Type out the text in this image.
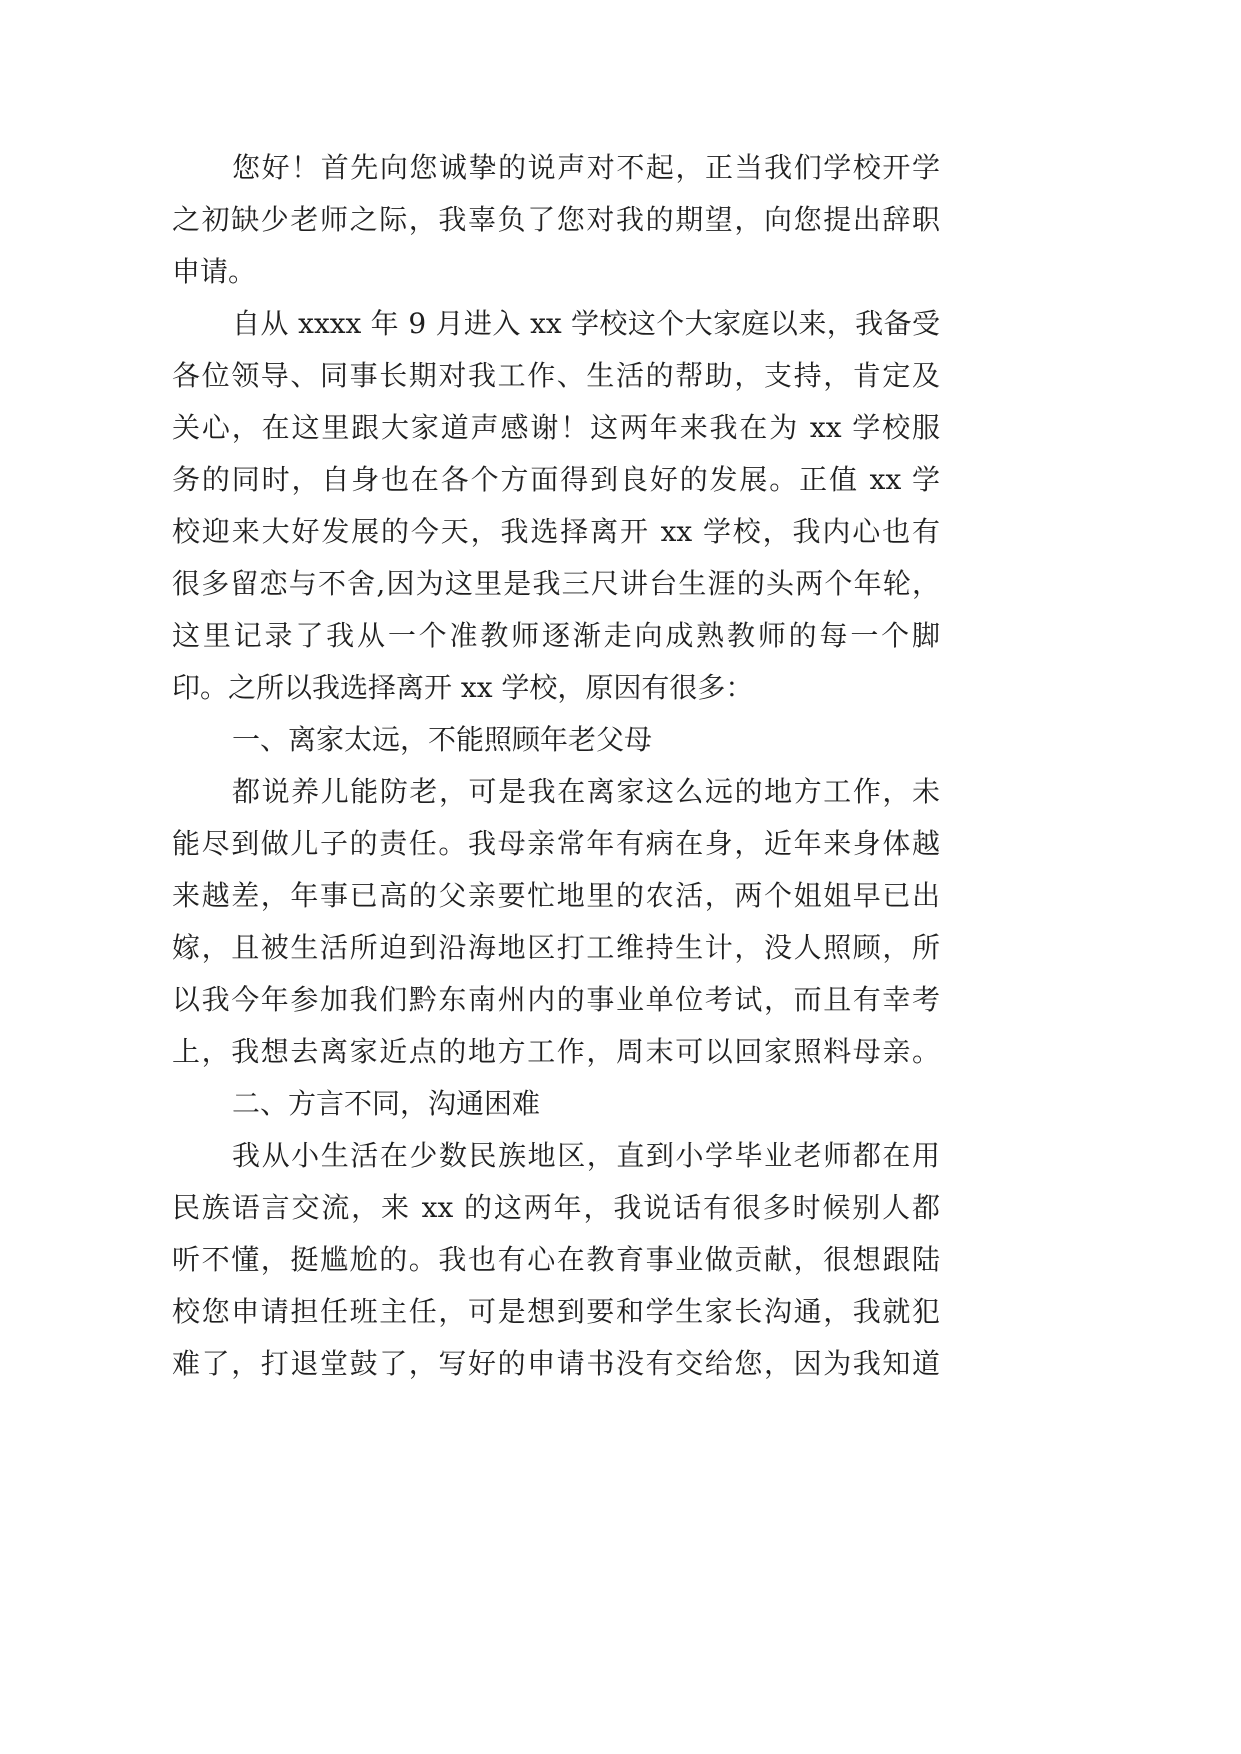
您好！首先向您诚挚的说声对不起，正当我们学校开学
之初缺少老师之际，我辜负了您对我的期望，向您提出辞职
申请。
自从 xxxx 年 9 月进入 xx 学校这个大家庭以来，我备受
各位领导、同事长期对我工作、生活的帮助，支持，肯定及
关心，在这里跟大家道声感谢！这两年来我在为 xx 学校服
务的同时，自身也在各个方面得到良好的发展。正值 xx 学
校迎来大好发展的今天，我选择离开 xx 学校，我内心也有
很多留恋与不舍,因为这里是我三尺讲台生涯的头两个年轮，
这里记录了我从一个准教师逐渐走向成熟教师的每一个脚
印。之所以我选择离开 xx 学校，原因有很多：
一、离家太远，不能照顾年老父母
都说养儿能防老，可是我在离家这么远的地方工作，未
能尽到做儿子的责任。我母亲常年有病在身，近年来身体越
来越差，年事已高的父亲要忙地里的农活，两个姐姐早已出
嫁，且被生活所迫到沿海地区打工维持生计，没人照顾，所
以我今年参加我们黔东南州内的事业单位考试，而且有幸考
上，我想去离家近点的地方工作，周末可以回家照料母亲。
二、方言不同，沟通困难
我从小生活在少数民族地区，直到小学毕业老师都在用
民族语言交流，来 xx 的这两年，我说话有很多时候别人都
听不懂，挺尴尬的。我也有心在教育事业做贡献，很想跟陆
校您申请担任班主任，可是想到要和学生家长沟通，我就犯
难了，打退堂鼓了，写好的申请书没有交给您，因为我知道
